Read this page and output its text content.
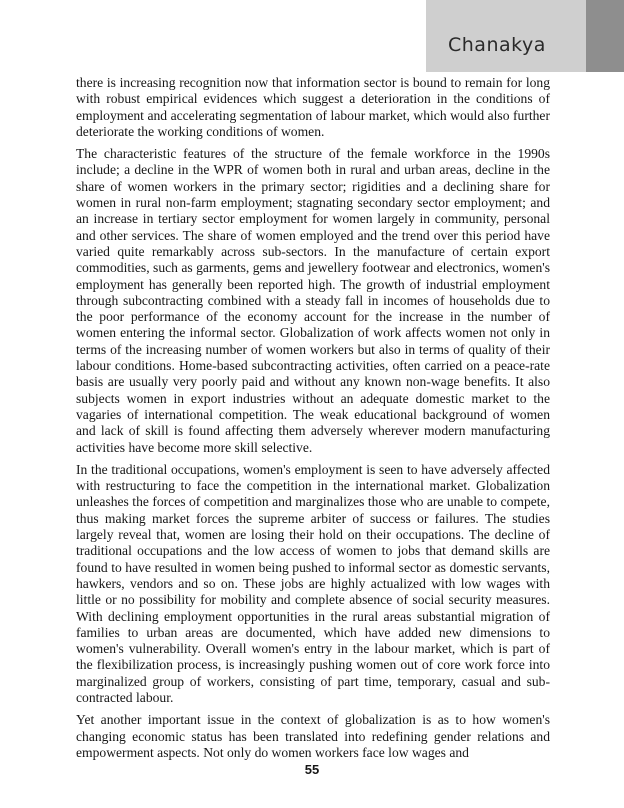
Chanakya

there is increasing recognition now that information sector is bound to remain for long with robust empirical evidences which suggest a deterioration in the conditions of employment and accelerating segmentation of labour market, which would also further deteriorate the working conditions of women.

The characteristic features of the structure of the female workforce in the 1990s include; a decline in the WPR of women both in rural and urban areas, decline in the share of women workers in the primary sector; rigidities and a declining share for women in rural non-farm employment; stagnating secondary sector employment; and an increase in tertiary sector employment for women largely in community, personal and other services. The share of women employed and the trend over this period have varied quite remarkably across sub-sectors. In the manufacture of certain export commodities, such as garments, gems and jewellery footwear and electronics, women's employment has generally been reported high. The growth of industrial employment through subcontracting combined with a steady fall in incomes of households due to the poor performance of the economy account for the increase in the number of women entering the informal sector. Globalization of work affects women not only in terms of the increasing number of women workers but also in terms of quality of their labour conditions. Home-based subcontracting activities, often carried on a peace-rate basis are usually very poorly paid and without any known non-wage benefits. It also subjects women in export industries without an adequate domestic market to the vagaries of international competition. The weak educational background of women and lack of skill is found affecting them adversely wherever modern manufacturing activities have become more skill selective.

In the traditional occupations, women's employment is seen to have adversely affected with restructuring to face the competition in the international market. Globalization unleashes the forces of competition and marginalizes those who are unable to compete, thus making market forces the supreme arbiter of success or failures. The studies largely reveal that, women are losing their hold on their occupations. The decline of traditional occupations and the low access of women to jobs that demand skills are found to have resulted in women being pushed to informal sector as domestic servants, hawkers, vendors and so on. These jobs are highly actualized with low wages with little or no possibility for mobility and complete absence of social security measures. With declining employment opportunities in the rural areas substantial migration of families to urban areas are documented, which have added new dimensions to women's vulnerability. Overall women's entry in the labour market, which is part of the flexibilization process, is increasingly pushing women out of core work force into marginalized group of workers, consisting of part time, temporary, casual and sub-contracted labour.

Yet another important issue in the context of globalization is as to how women's changing economic status has been translated into redefining gender relations and empowerment aspects. Not only do women workers face low wages and

55
